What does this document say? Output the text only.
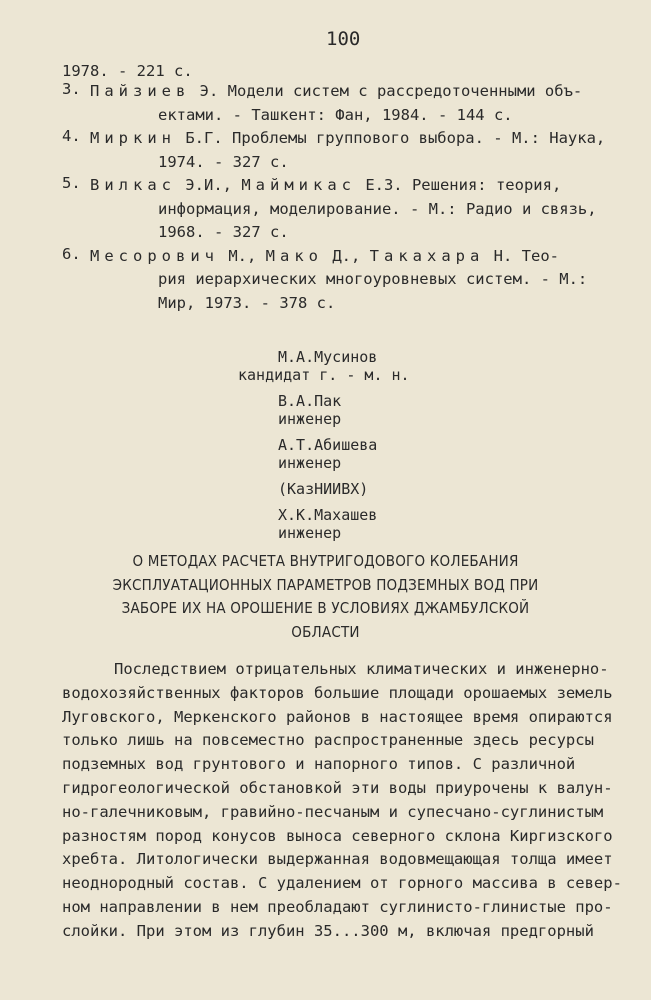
100
1978. - 221 с.
3. Пайзиев Э. Модели систем с рассредоточенными объ-
ектами. - Ташкент: Фан, 1984. - 144 с.
4. Миркин Б.Г. Проблемы группового выбора. - М.: Наука,
1974. - 327 с.
5. Вилкас Э.И., Маймикас Е.З. Решения: теория,
информация, моделирование. - М.: Радио и связь,
1968. - 327 с.
6. Месорович М., Мако Д., Такахара Н. Тео-
рия иерархических многоуровневых систем. - М.:
Мир, 1973. - 378 с.
М.А.Мусинов
кандидат г. - м. н.
В.А.Пак
инженер
А.Т.Абишева
инженер
(КазНИИВХ)
Х.К.Махашев
инженер
О МЕТОДАХ РАСЧЕТА ВНУТРИГОДОВОГО КОЛЕБАНИЯ
ЭКСПЛУАТАЦИОННЫХ ПАРАМЕТРОВ ПОДЗЕМНЫХ ВОД ПРИ
ЗАБОРЕ ИХ НА ОРОШЕНИЕ В УСЛОВИЯХ ДЖАМБУЛСКОЙ
ОБЛАСТИ
Последствием отрицательных климатических и инженерно-
водохозяйственных факторов большие площади орошаемых земель
Луговского, Меркенского районов в настоящее время опираются
только лишь на повсеместно распространенные здесь ресурсы
подземных вод грунтового и напорного типов. С различной
гидрогеологической обстановкой эти воды приурочены к валун-
но-галечниковым, гравийно-песчаным и супесчано-суглинистым
разностям пород конусов выноса северного склона Киргизского
хребта. Литологически выдержанная водовмещающая толща имеет
неоднородный состав. С удалением от горного массива в север-
ном направлении в нем преобладают суглинисто-глинистые про-
слойки. При этом из глубин 35...300 м, включая предгорный
